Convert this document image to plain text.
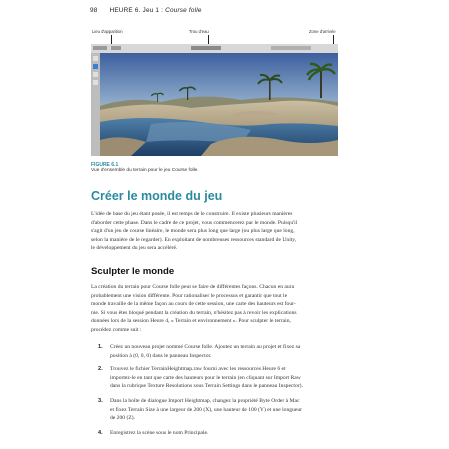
98 HEURE 6. Jeu 1 : Course folle
Lieu d'apparition	Trou d'eau	Zone d'arrivée
FIGURE 6.1
Vue d'ensemble du terrain pour le jeu Course folle.
Créer le monde du jeu
L'idée de base du jeu étant posée, il est temps de le construire. Il existe plusieurs manières
d'aborder cette phase. Dans le cadre de ce projet, vous commencerez par le monde. Puisqu'il
s'agit d'un jeu de course linéaire, le monde sera plus long que large (ou plus large que long,
selon la manière de le regarder). En exploitant de nombreuses ressources standard de Unity,
le développement du jeu sera accéléré.
Sculpter le monde
La création du terrain pour Course folle peut se faire de différentes façons. Chacun en aura
probablement une vision différente. Pour rationaliser le processus et garantir que tout le
monde travaille de la même façon au cours de cette session, une carte des hauteurs est four-
nie. Si vous êtes bloqué pendant la création du terrain, n'hésitez pas à revoir les explications
données lors de la session Heure 4, « Terrain et environnement ». Pour sculpter le terrain,
procédez comme suit :
1. Créez un nouveau projet nommé Course folle. Ajoutez un terrain au projet et fixez sa
position à (0, 0, 0) dans le panneau Inspector.
2. Trouvez le fichier TerrainHeightmap.raw fourni avec les ressources Heure 6 et
importez-le en tant que carte des hauteurs pour le terrain (en cliquant sur Import Raw
dans la rubrique Texture Resolutions sous Terrain Settings dans le panneau Inspector).
3. Dans la boîte de dialogue Import Heightmap, changez la propriété Byte Order à Mac
et fixez Terrain Size à une largeur de 200 (X), une hauteur de 100 (Y) et une longueur
de 200 (Z).
4. Enregistrez la scène sous le nom Principale.
